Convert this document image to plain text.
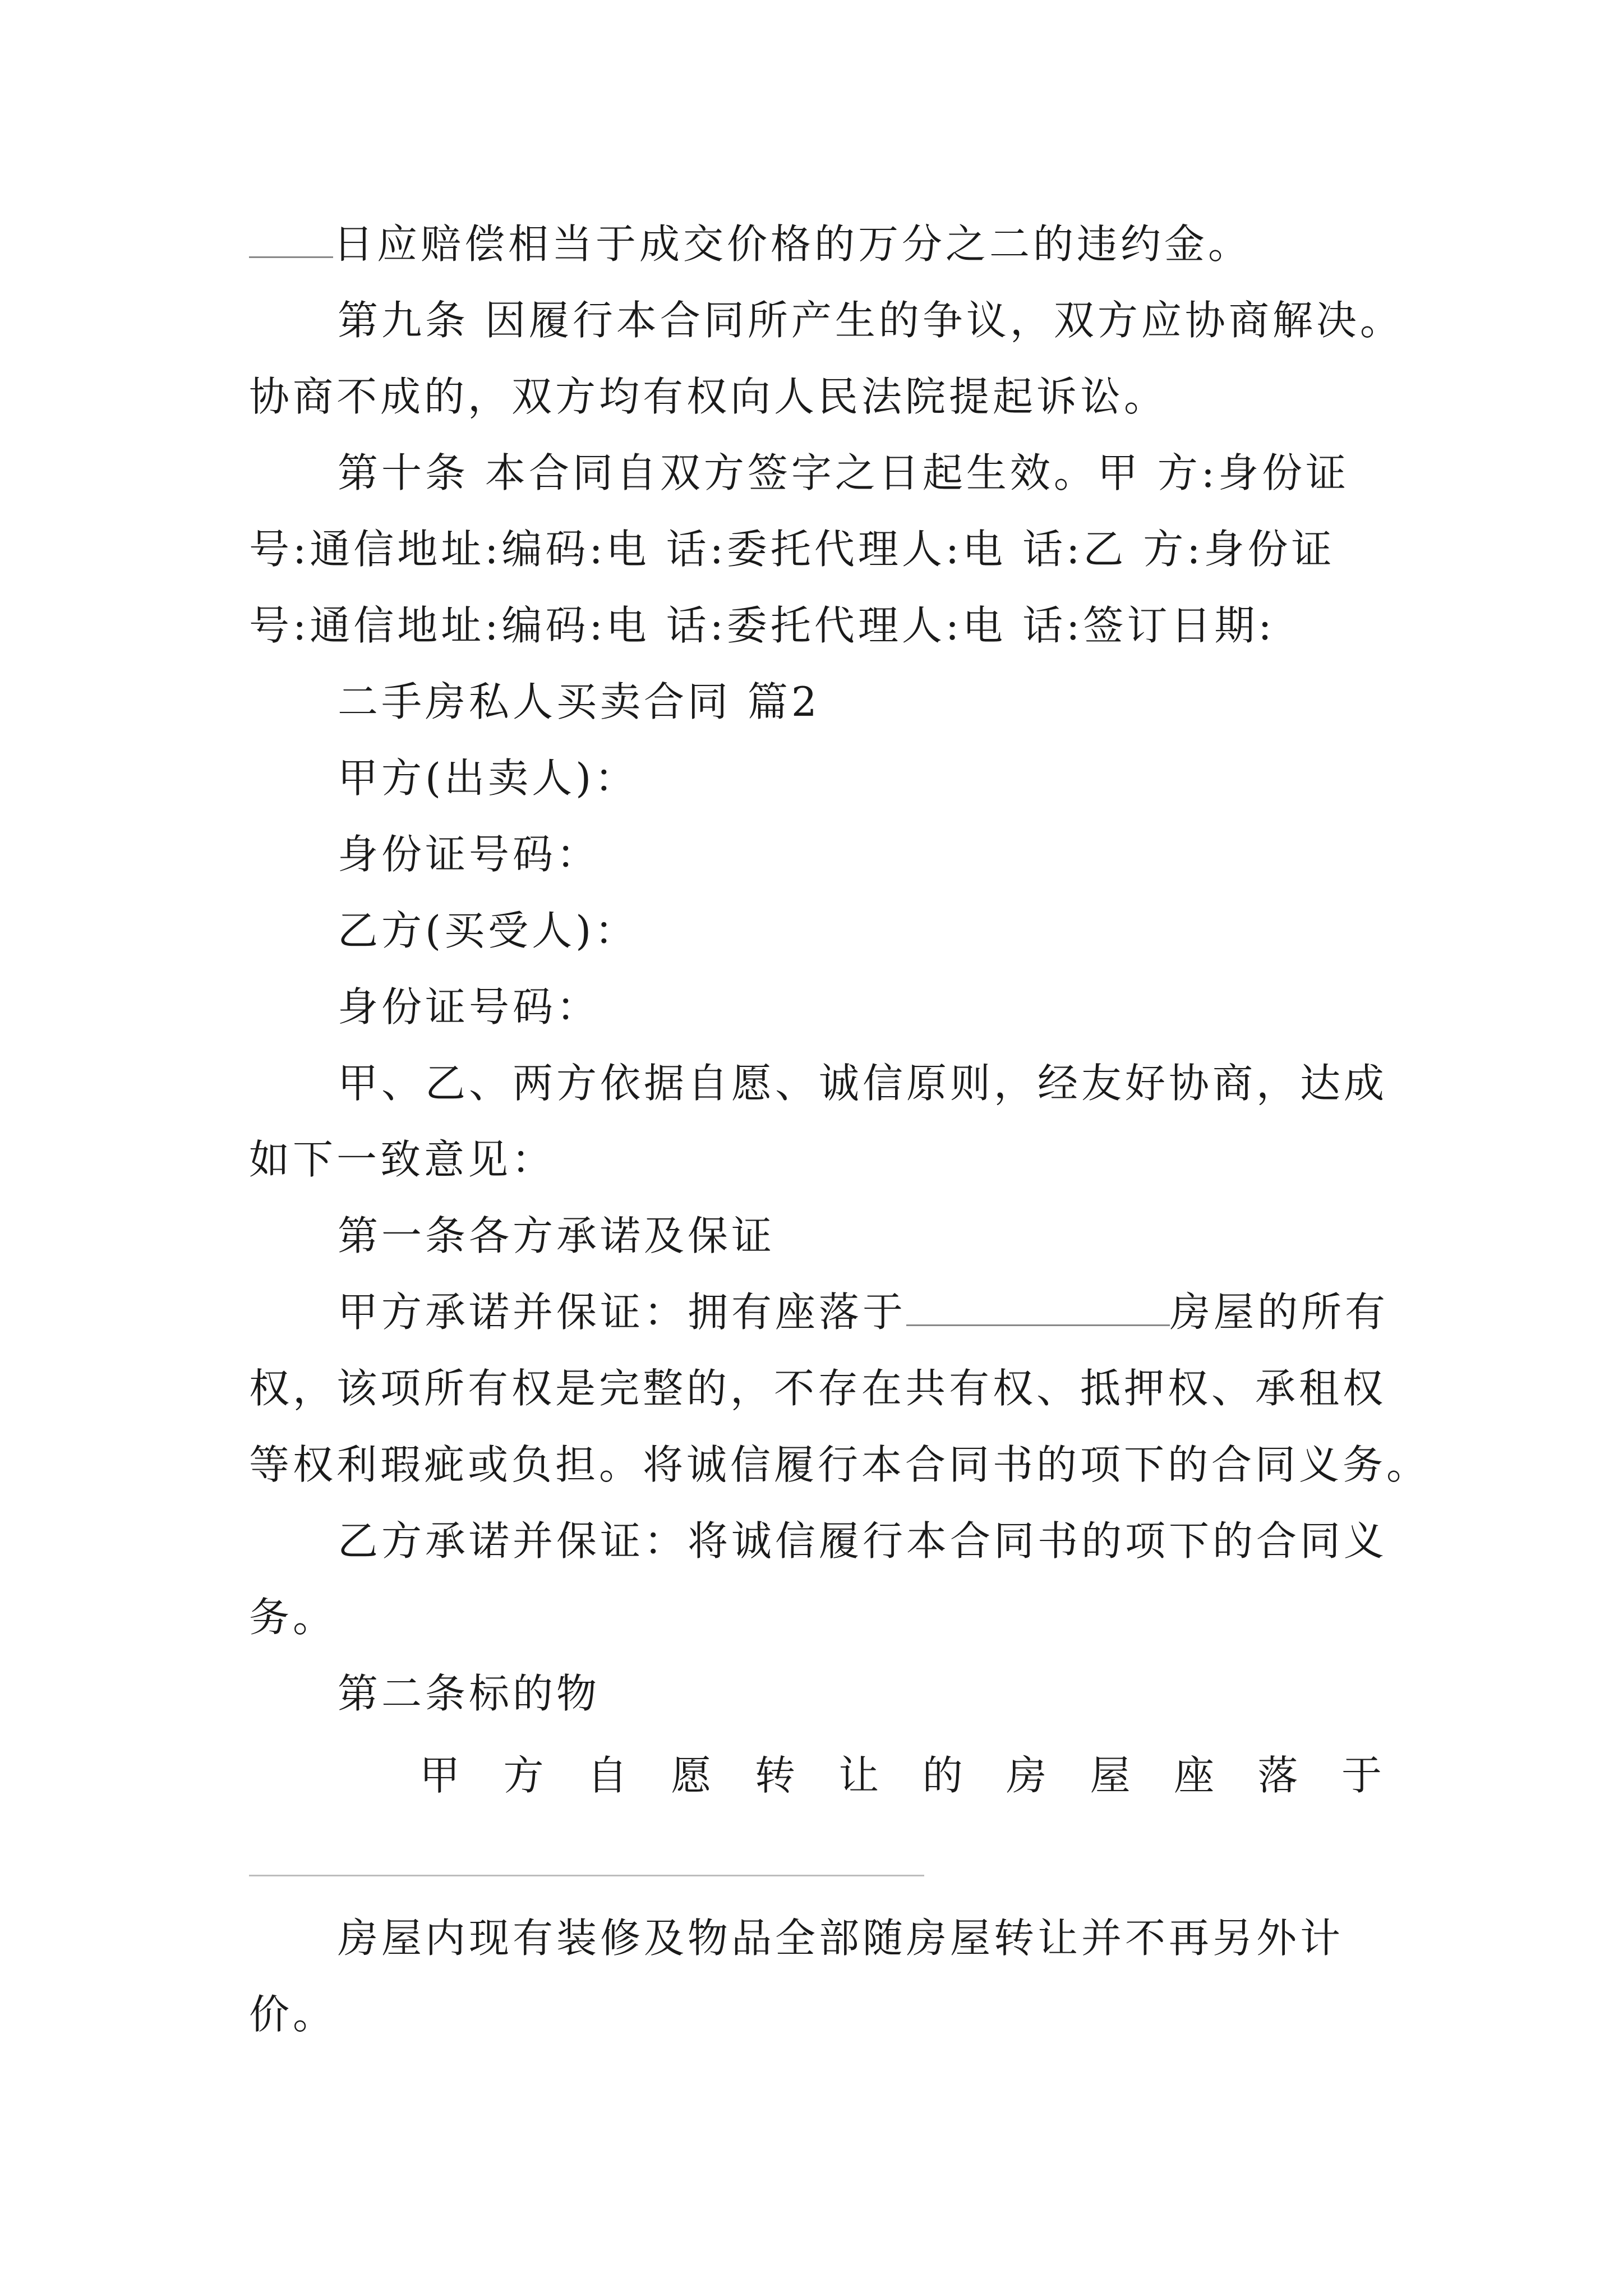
日应赔偿相当于成交价格的万分之二的违约金。
第九条 因履行本合同所产生的争议，双方应协商解决。
协商不成的，双方均有权向人民法院提起诉讼。
第十条 本合同自双方签字之日起生效。甲 方:身份证
号:通信地址:编码:电 话:委托代理人:电 话:乙 方:身份证
号:通信地址:编码:电 话:委托代理人:电 话:签订日期:
二手房私人买卖合同 篇2
甲方(出卖人)：
身份证号码：
乙方(买受人)：
身份证号码：
甲、乙、两方依据自愿、诚信原则，经友好协商，达成
如下一致意见：
第一条各方承诺及保证
甲方承诺并保证：拥有座落于	房屋的所有
权，该项所有权是完整的，不存在共有权、抵押权、承租权
等权利瑕疵或负担。将诚信履行本合同书的项下的合同义务。
乙方承诺并保证：将诚信履行本合同书的项下的合同义
务。
第二条标的物
甲 方 自 愿 转 让 的 房 屋 座 落 于
房屋内现有装修及物品全部随房屋转让并不再另外计
价。
